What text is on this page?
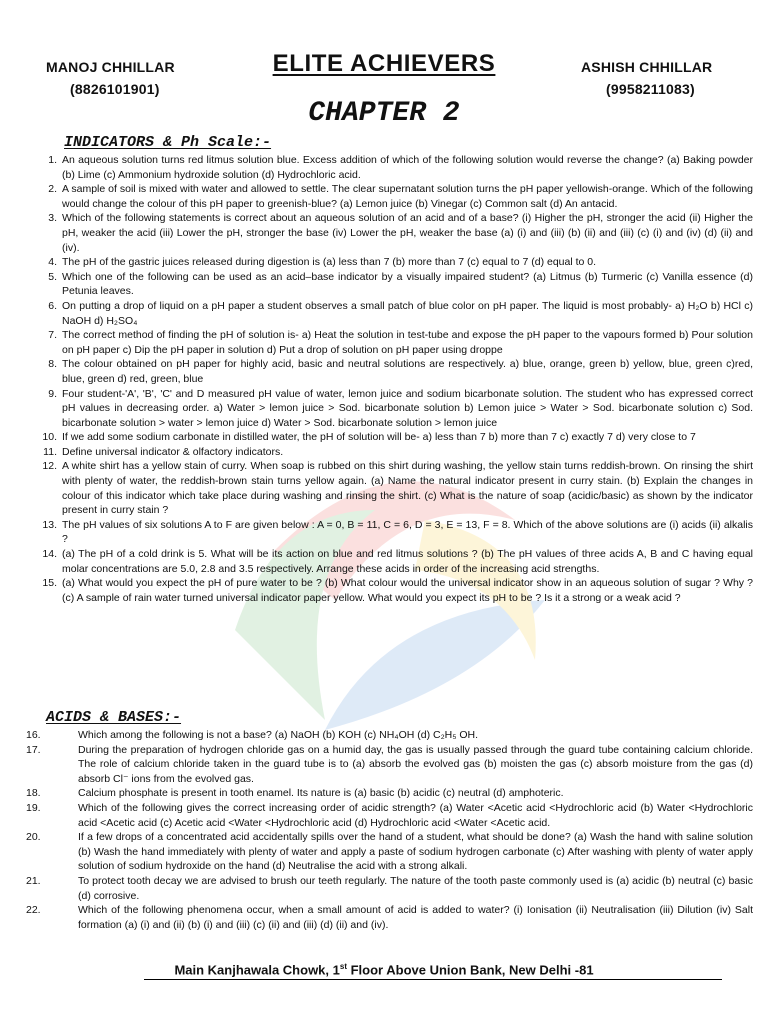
MANOJ CHHILLAR
(8826101901)
ELITE ACHIEVERS	ASHISH CHHILLAR
(9958211083)
CHAPTER 2
INDICATORS & Ph Scale:-
1. An aqueous solution turns red litmus solution blue. Excess addition of which of the following solution would reverse the change? (a) Baking powder (b) Lime (c) Ammonium hydroxide solution (d) Hydrochloric acid.
2. A sample of soil is mixed with water and allowed to settle. The clear supernatant solution turns the pH paper yellowish-orange. Which of the following would change the colour of this pH paper to greenish-blue? (a) Lemon juice (b) Vinegar (c) Common salt (d) An antacid.
3. Which of the following statements is correct about an aqueous solution of an acid and of a base? (i) Higher the pH, stronger the acid (ii) Higher the pH, weaker the acid (iii) Lower the pH, stronger the base (iv) Lower the pH, weaker the base (a) (i) and (iii) (b) (ii) and (iii) (c) (i) and (iv) (d) (ii) and (iv).
4. The pH of the gastric juices released during digestion is (a) less than 7 (b) more than 7 (c) equal to 7 (d) equal to 0.
5. Which one of the following can be used as an acid–base indicator by a visually impaired student? (a) Litmus (b) Turmeric (c) Vanilla essence (d) Petunia leaves.
6. On putting a drop of liquid on a pH paper a student observes a small patch of blue color on pH paper. The liquid is most probably- a) H₂O b) HCl c) NaOH d) H₂SO₄
7. The correct method of finding the pH of solution is- a) Heat the solution in test-tube and expose the pH paper to the vapours formed b) Pour solution on pH paper c) Dip the pH paper in solution d) Put a drop of solution on pH paper using droppe
8. The colour obtained on pH paper for highly acid, basic and neutral solutions are respectively. a) blue, orange, green b) yellow, blue, green c)red, blue, green d) red, green, blue
9. Four student-'A', 'B', 'C' and D measured pH value of water, lemon juice and sodium bicarbonate solution. The student who has expressed correct pH values in decreasing order. a) Water > lemon juice > Sod. bicarbonate solution b) Lemon juice > Water > Sod. bicarbonate solution c) Sod. bicarbonate solution > water > lemon juice d) Water > Sod. bicarbonate solution > lemon juice
10. If we add some sodium carbonate in distilled water, the pH of solution will be- a) less than 7 b) more than 7 c) exactly 7 d) very close to 7
11. Define universal indicator & olfactory indicators.
12. A white shirt has a yellow stain of curry. When soap is rubbed on this shirt during washing, the yellow stain turns reddish-brown. On rinsing the shirt with plenty of water, the reddish-brown stain turns yellow again. (a) Name the natural indicator present in curry stain. (b) Explain the changes in colour of this indicator which take place during washing and rinsing the shirt. (c) What is the nature of soap (acidic/basic) as shown by the indicator present in curry stain ?
13. The pH values of six solutions A to F are given below : A = 0, B = 11, C = 6, D = 3, E = 13, F = 8. Which of the above solutions are (i) acids (ii) alkalis ?
14. (a) The pH of a cold drink is 5. What will be its action on blue and red litmus solutions ? (b) The pH values of three acids A, B and C having equal molar concentrations are 5.0, 2.8 and 3.5 respectively. Arrange these acids in order of the increasing acid strengths.
15. (a) What would you expect the pH of pure water to be ? (b) What colour would the universal indicator show in an aqueous solution of sugar ? Why ? (c) A sample of rain water turned universal indicator paper yellow. What would you expect its pH to be ? Is it a strong or a weak acid ?
ACIDS & BASES:-
16.	Which among the following is not a base? (a) NaOH (b) KOH (c) NH₄OH (d) C₂H₅ OH.
17.	During the preparation of hydrogen chloride gas on a humid day, the gas is usually passed through the guard tube containing calcium chloride. The role of calcium chloride taken in the guard tube is to (a) absorb the evolved gas (b) moisten the gas (c) absorb moisture from the gas (d) absorb Cl⁻ ions from the evolved gas.
18.	Calcium phosphate is present in tooth enamel. Its nature is (a) basic (b) acidic (c) neutral (d) amphoteric.
19.	Which of the following gives the correct increasing order of acidic strength? (a) Water <Acetic acid <Hydrochloric acid (b) Water <Hydrochloric acid <Acetic acid (c) Acetic acid <Water <Hydrochloric acid (d) Hydrochloric acid <Water <Acetic acid.
20.	If a few drops of a concentrated acid accidentally spills over the hand of a student, what should be done? (a) Wash the hand with saline solution (b) Wash the hand immediately with plenty of water and apply a paste of sodium hydrogen carbonate (c) After washing with plenty of water apply solution of sodium hydroxide on the hand (d) Neutralise the acid with a strong alkali.
21.	To protect tooth decay we are advised to brush our teeth regularly. The nature of the tooth paste commonly used is (a) acidic (b) neutral (c) basic (d) corrosive.
22.	Which of the following phenomena occur, when a small amount of acid is added to water? (i) Ionisation (ii) Neutralisation (iii) Dilution (iv) Salt formation (a) (i) and (ii) (b) (i) and (iii) (c) (ii) and (iii) (d) (ii) and (iv).
Main Kanjhawala Chowk, 1st Floor Above Union Bank, New Delhi -81
